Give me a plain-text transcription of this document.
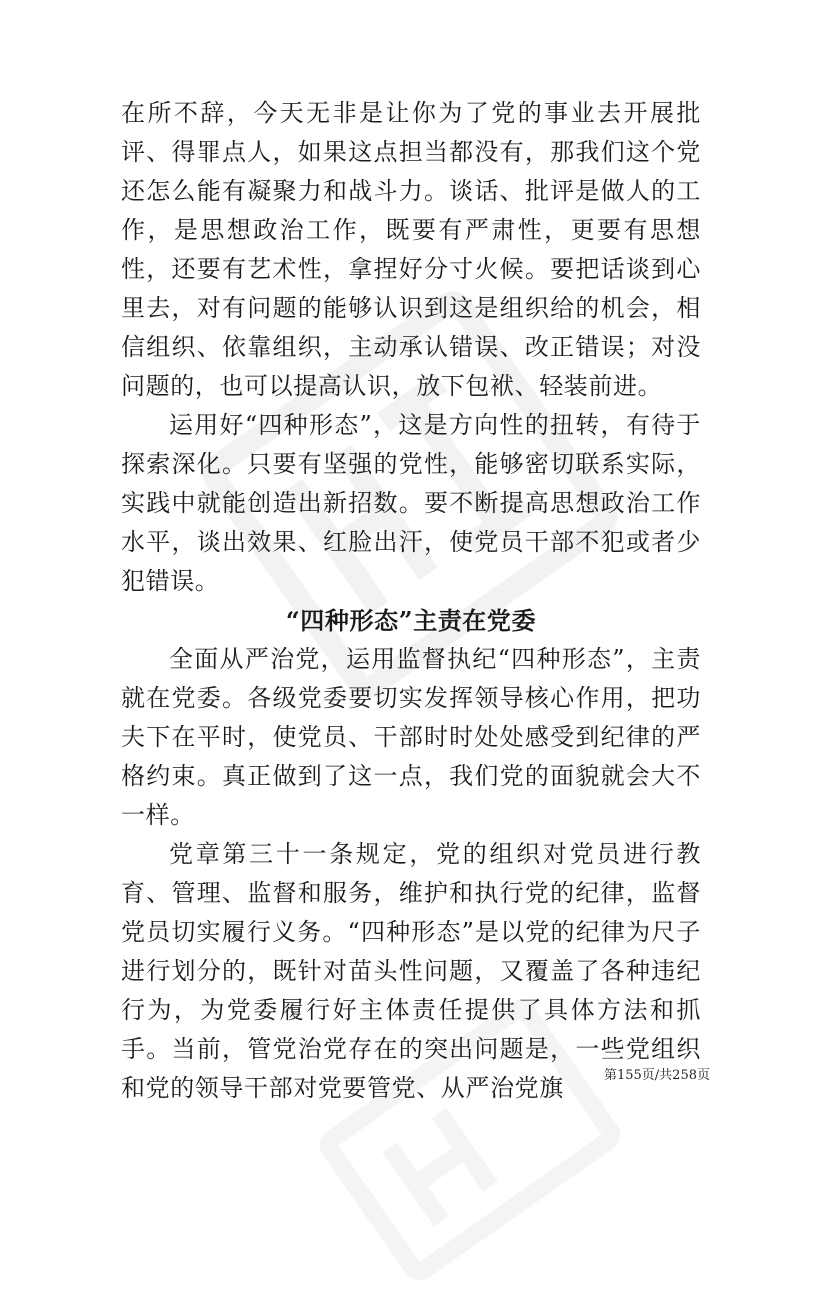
在所不辞，今天无非是让你为了党的事业去开展批评、得罪点人，如果这点担当都没有，那我们这个党还怎么能有凝聚力和战斗力。谈话、批评是做人的工作，是思想政治工作，既要有严肃性，更要有思想性，还要有艺术性，拿捏好分寸火候。要把话谈到心里去，对有问题的能够认识到这是组织给的机会，相信组织、依靠组织，主动承认错误、改正错误；对没问题的，也可以提高认识，放下包袱、轻装前进。

运用好“四种形态”，这是方向性的扭转，有待于探索深化。只要有坚强的党性，能够密切联系实际，实践中就能创造出新招数。要不断提高思想政治工作水平，谈出效果、红脸出汗，使党员干部不犯或者少犯错误。

“四种形态”主责在党委

全面从严治党，运用监督执纪“四种形态”，主责就在党委。各级党委要切实发挥领导核心作用，把功夫下在平时，使党员、干部时时处处感受到纪律的严格约束。真正做到了这一点，我们党的面貌就会大不一样。

党章第三十一条规定，党的组织对党员进行教育、管理、监督和服务，维护和执行党的纪律，监督党员切实履行义务。“四种形态”是以党的纪律为尺子进行划分的，既针对苗头性问题，又覆盖了各种违纪行为，为党委履行好主体责任提供了具体方法和抓手。当前，管党治党存在的突出问题是，一些党组织和党的领导干部对党要管党、从严治党旗	第155页/共258页
